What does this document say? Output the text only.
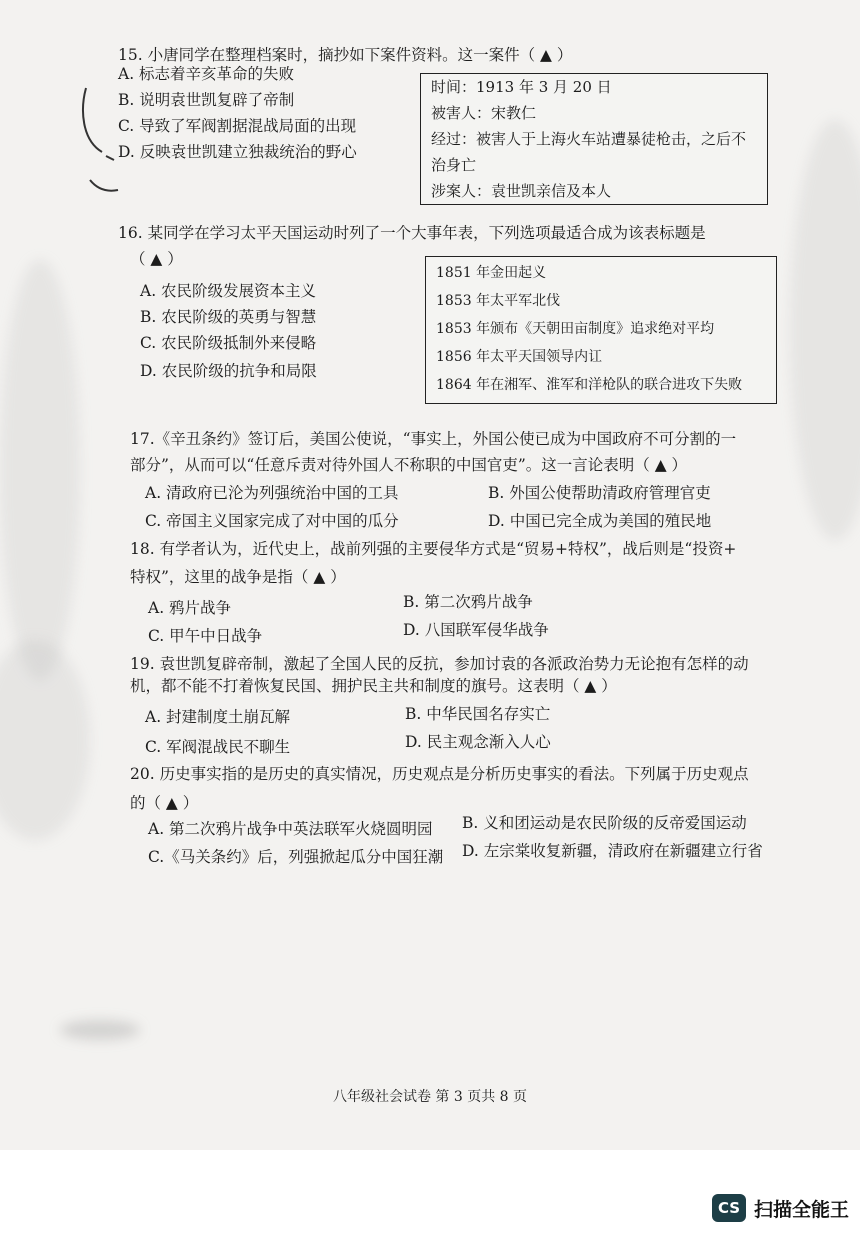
15. 小唐同学在整理档案时，摘抄如下案件资料。这一案件（ ▲ ）
A. 标志着辛亥革命的失败
B. 说明袁世凯复辟了帝制
C. 导致了军阀割据混战局面的出现
D. 反映袁世凯建立独裁统治的野心
时间：1913 年 3 月 20 日
被害人：宋教仁
经过：被害人于上海火车站遭暴徒枪击，之后不
治身亡
涉案人：袁世凯亲信及本人
16. 某同学在学习太平天国运动时列了一个大事年表，下列选项最适合成为该表标题是
（ ▲ ）
A. 农民阶级发展资本主义
B. 农民阶级的英勇与智慧
C. 农民阶级抵制外来侵略
D. 农民阶级的抗争和局限
1851 年金田起义
1853 年太平军北伐
1853 年颁布《天朝田亩制度》追求绝对平均
1856 年太平天国领导内讧
1864 年在湘军、淮军和洋枪队的联合进攻下失败
17.《辛丑条约》签订后，美国公使说，“事实上，外国公使已成为中国政府不可分割的一
部分”，从而可以“任意斥责对待外国人不称职的中国官吏”。这一言论表明（ ▲ ）
A. 清政府已沦为列强统治中国的工具	B. 外国公使帮助清政府管理官吏
C. 帝国主义国家完成了对中国的瓜分	D. 中国已完全成为美国的殖民地
18. 有学者认为，近代史上，战前列强的主要侵华方式是“贸易+特权”，战后则是“投资+
特权”，这里的战争是指（ ▲ ）
A. 鸦片战争	B. 第二次鸦片战争
C. 甲午中日战争	D. 八国联军侵华战争
19. 袁世凯复辟帝制，激起了全国人民的反抗，参加讨袁的各派政治势力无论抱有怎样的动
机，都不能不打着恢复民国、拥护民主共和制度的旗号。这表明（ ▲ ）
A. 封建制度土崩瓦解	B. 中华民国名存实亡
C. 军阀混战民不聊生	D. 民主观念渐入人心
20. 历史事实指的是历史的真实情况，历史观点是分析历史事实的看法。下列属于历史观点
的（ ▲ ）
A. 第二次鸦片战争中英法联军火烧圆明园 B. 义和团运动是农民阶级的反帝爱国运动
C.《马关条约》后，列强掀起瓜分中国狂潮 D. 左宗棠收复新疆，清政府在新疆建立行省
八年级社会试卷 第 3 页共 8 页
CS 扫描全能王
